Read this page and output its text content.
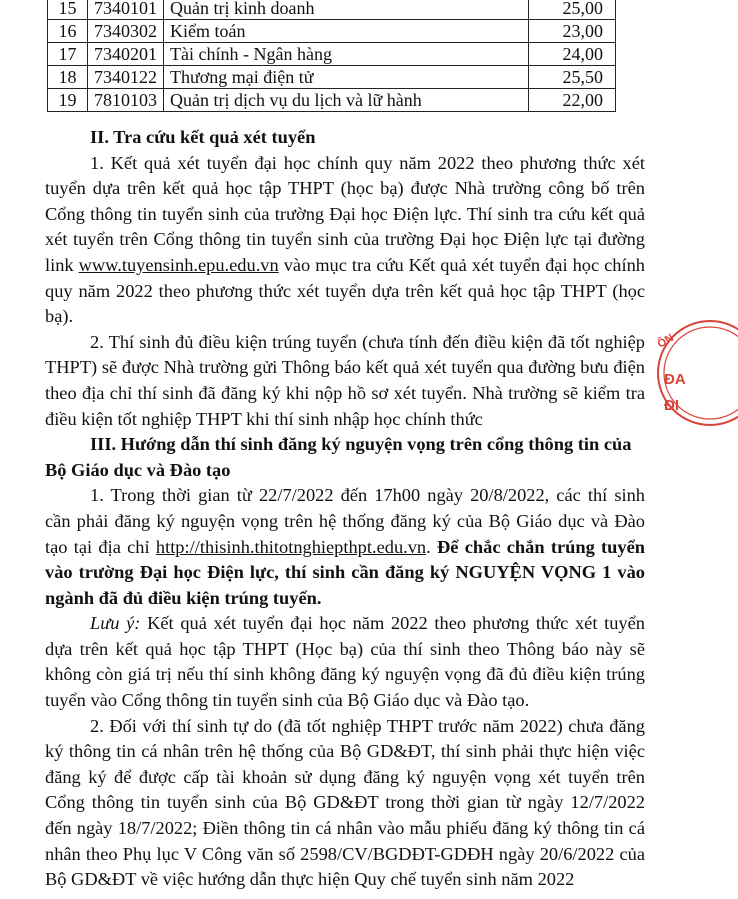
15	7340101	Quản trị kinh doanh	25,00
16	7340302	Kiểm toán	23,00
17	7340201	Tài chính - Ngân hàng	24,00
18	7340122	Thương mại điện tử	25,50
19	7810103	Quản trị dịch vụ du lịch và lữ hành	22,00

II. Tra cứu kết quả xét tuyển

1. Kết quả xét tuyển đại học chính quy năm 2022 theo phương thức xét tuyển dựa trên kết quả học tập THPT (học bạ) được Nhà trường công bố trên Cổng thông tin tuyển sinh của trường Đại học Điện lực. Thí sinh tra cứu kết quả xét tuyển trên Cổng thông tin tuyển sinh của trường Đại học Điện lực tại đường link www.tuyensinh.epu.edu.vn vào mục tra cứu Kết quả xét tuyển đại học chính quy năm 2022 theo phương thức xét tuyển dựa trên kết quả học tập THPT (học bạ).

2. Thí sinh đủ điều kiện trúng tuyển (chưa tính đến điều kiện đã tốt nghiệp THPT) sẽ được Nhà trường gửi Thông báo kết quả xét tuyển qua đường bưu điện theo địa chỉ thí sinh đã đăng ký khi nộp hồ sơ xét tuyển. Nhà trường sẽ kiểm tra điều kiện tốt nghiệp THPT khi thí sinh nhập học chính thức

III. Hướng dẫn thí sinh đăng ký nguyện vọng trên cổng thông tin của

Bộ Giáo dục và Đào tạo

1. Trong thời gian từ 22/7/2022 đến 17h00 ngày 20/8/2022, các thí sinh cần phải đăng ký nguyện vọng trên hệ thống đăng ký của Bộ Giáo dục và Đào tạo tại địa chỉ http://thisinh.thitotnghiepthpt.edu.vn. Để chắc chắn trúng tuyển vào trường Đại học Điện lực, thí sinh cần đăng ký NGUYỆN VỌNG 1 vào ngành đã đủ điều kiện trúng tuyển.

Lưu ý: Kết quả xét tuyển đại học năm 2022 theo phương thức xét tuyển dựa trên kết quả học tập THPT (Học bạ) của thí sinh theo Thông báo này sẽ không còn giá trị nếu thí sinh không đăng ký nguyện vọng đã đủ điều kiện trúng tuyển vào Cổng thông tin tuyển sinh của Bộ Giáo dục và Đào tạo.

2. Đối với thí sinh tự do (đã tốt nghiệp THPT trước năm 2022) chưa đăng ký thông tin cá nhân trên hệ thống của Bộ GD&ĐT, thí sinh phải thực hiện việc đăng ký để được cấp tài khoản sử dụng đăng ký nguyện vọng xét tuyển trên Cổng thông tin tuyển sinh của Bộ GD&ĐT trong thời gian từ ngày 12/7/2022 đến ngày 18/7/2022; Điền thông tin cá nhân vào mẫu phiếu đăng ký thông tin cá nhân theo Phụ lục V Công văn số 2598/CV/BGDĐT-GDĐH ngày 20/6/2022 của Bộ GD&ĐT về việc hướng dẫn thực hiện Quy chế tuyển sinh năm 2022

ÔN
ĐA
ĐI
